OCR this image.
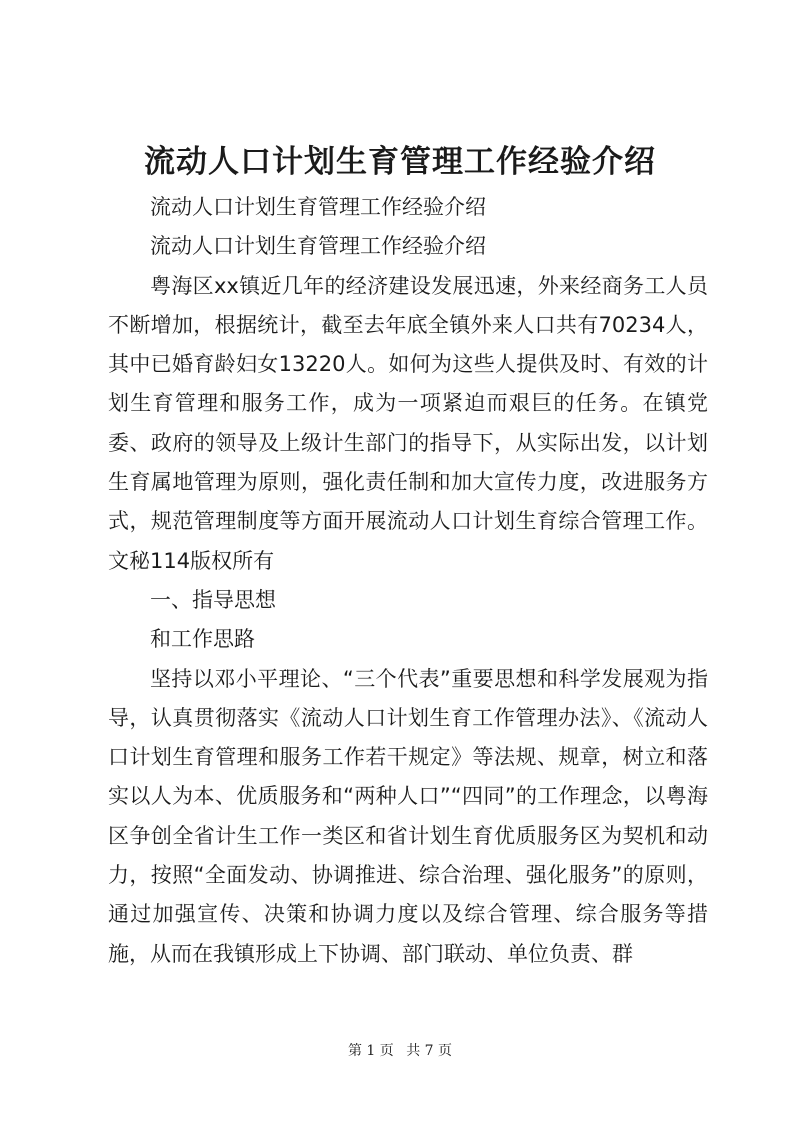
流动人口计划生育管理工作经验介绍

流动人口计划生育管理工作经验介绍

流动人口计划生育管理工作经验介绍

粤海区xx镇近几年的经济建设发展迅速，外来经商务工人员不断增加，根据统计，截至去年底全镇外来人口共有70234人，其中已婚育龄妇女13220人。如何为这些人提供及时、有效的计划生育管理和服务工作，成为一项紧迫而艰巨的任务。在镇党委、政府的领导及上级计生部门的指导下，从实际出发，以计划生育属地管理为原则，强化责任制和加大宣传力度，改进服务方式，规范管理制度等方面开展流动人口计划生育综合管理工作。文秘114版权所有

一、指导思想

和工作思路

坚持以邓小平理论、“三个代表”重要思想和科学发展观为指导，认真贯彻落实《流动人口计划生育工作管理办法》、《流动人口计划生育管理和服务工作若干规定》等法规、规章，树立和落实以人为本、优质服务和“两种人口”“四同”的工作理念，以粤海区争创全省计生工作一类区和省计划生育优质服务区为契机和动力，按照“全面发动、协调推进、综合治理、强化服务”的原则，通过加强宣传、决策和协调力度以及综合管理、综合服务等措施，从而在我镇形成上下协调、部门联动、单位负责、群

第 1 页 共 7 页
